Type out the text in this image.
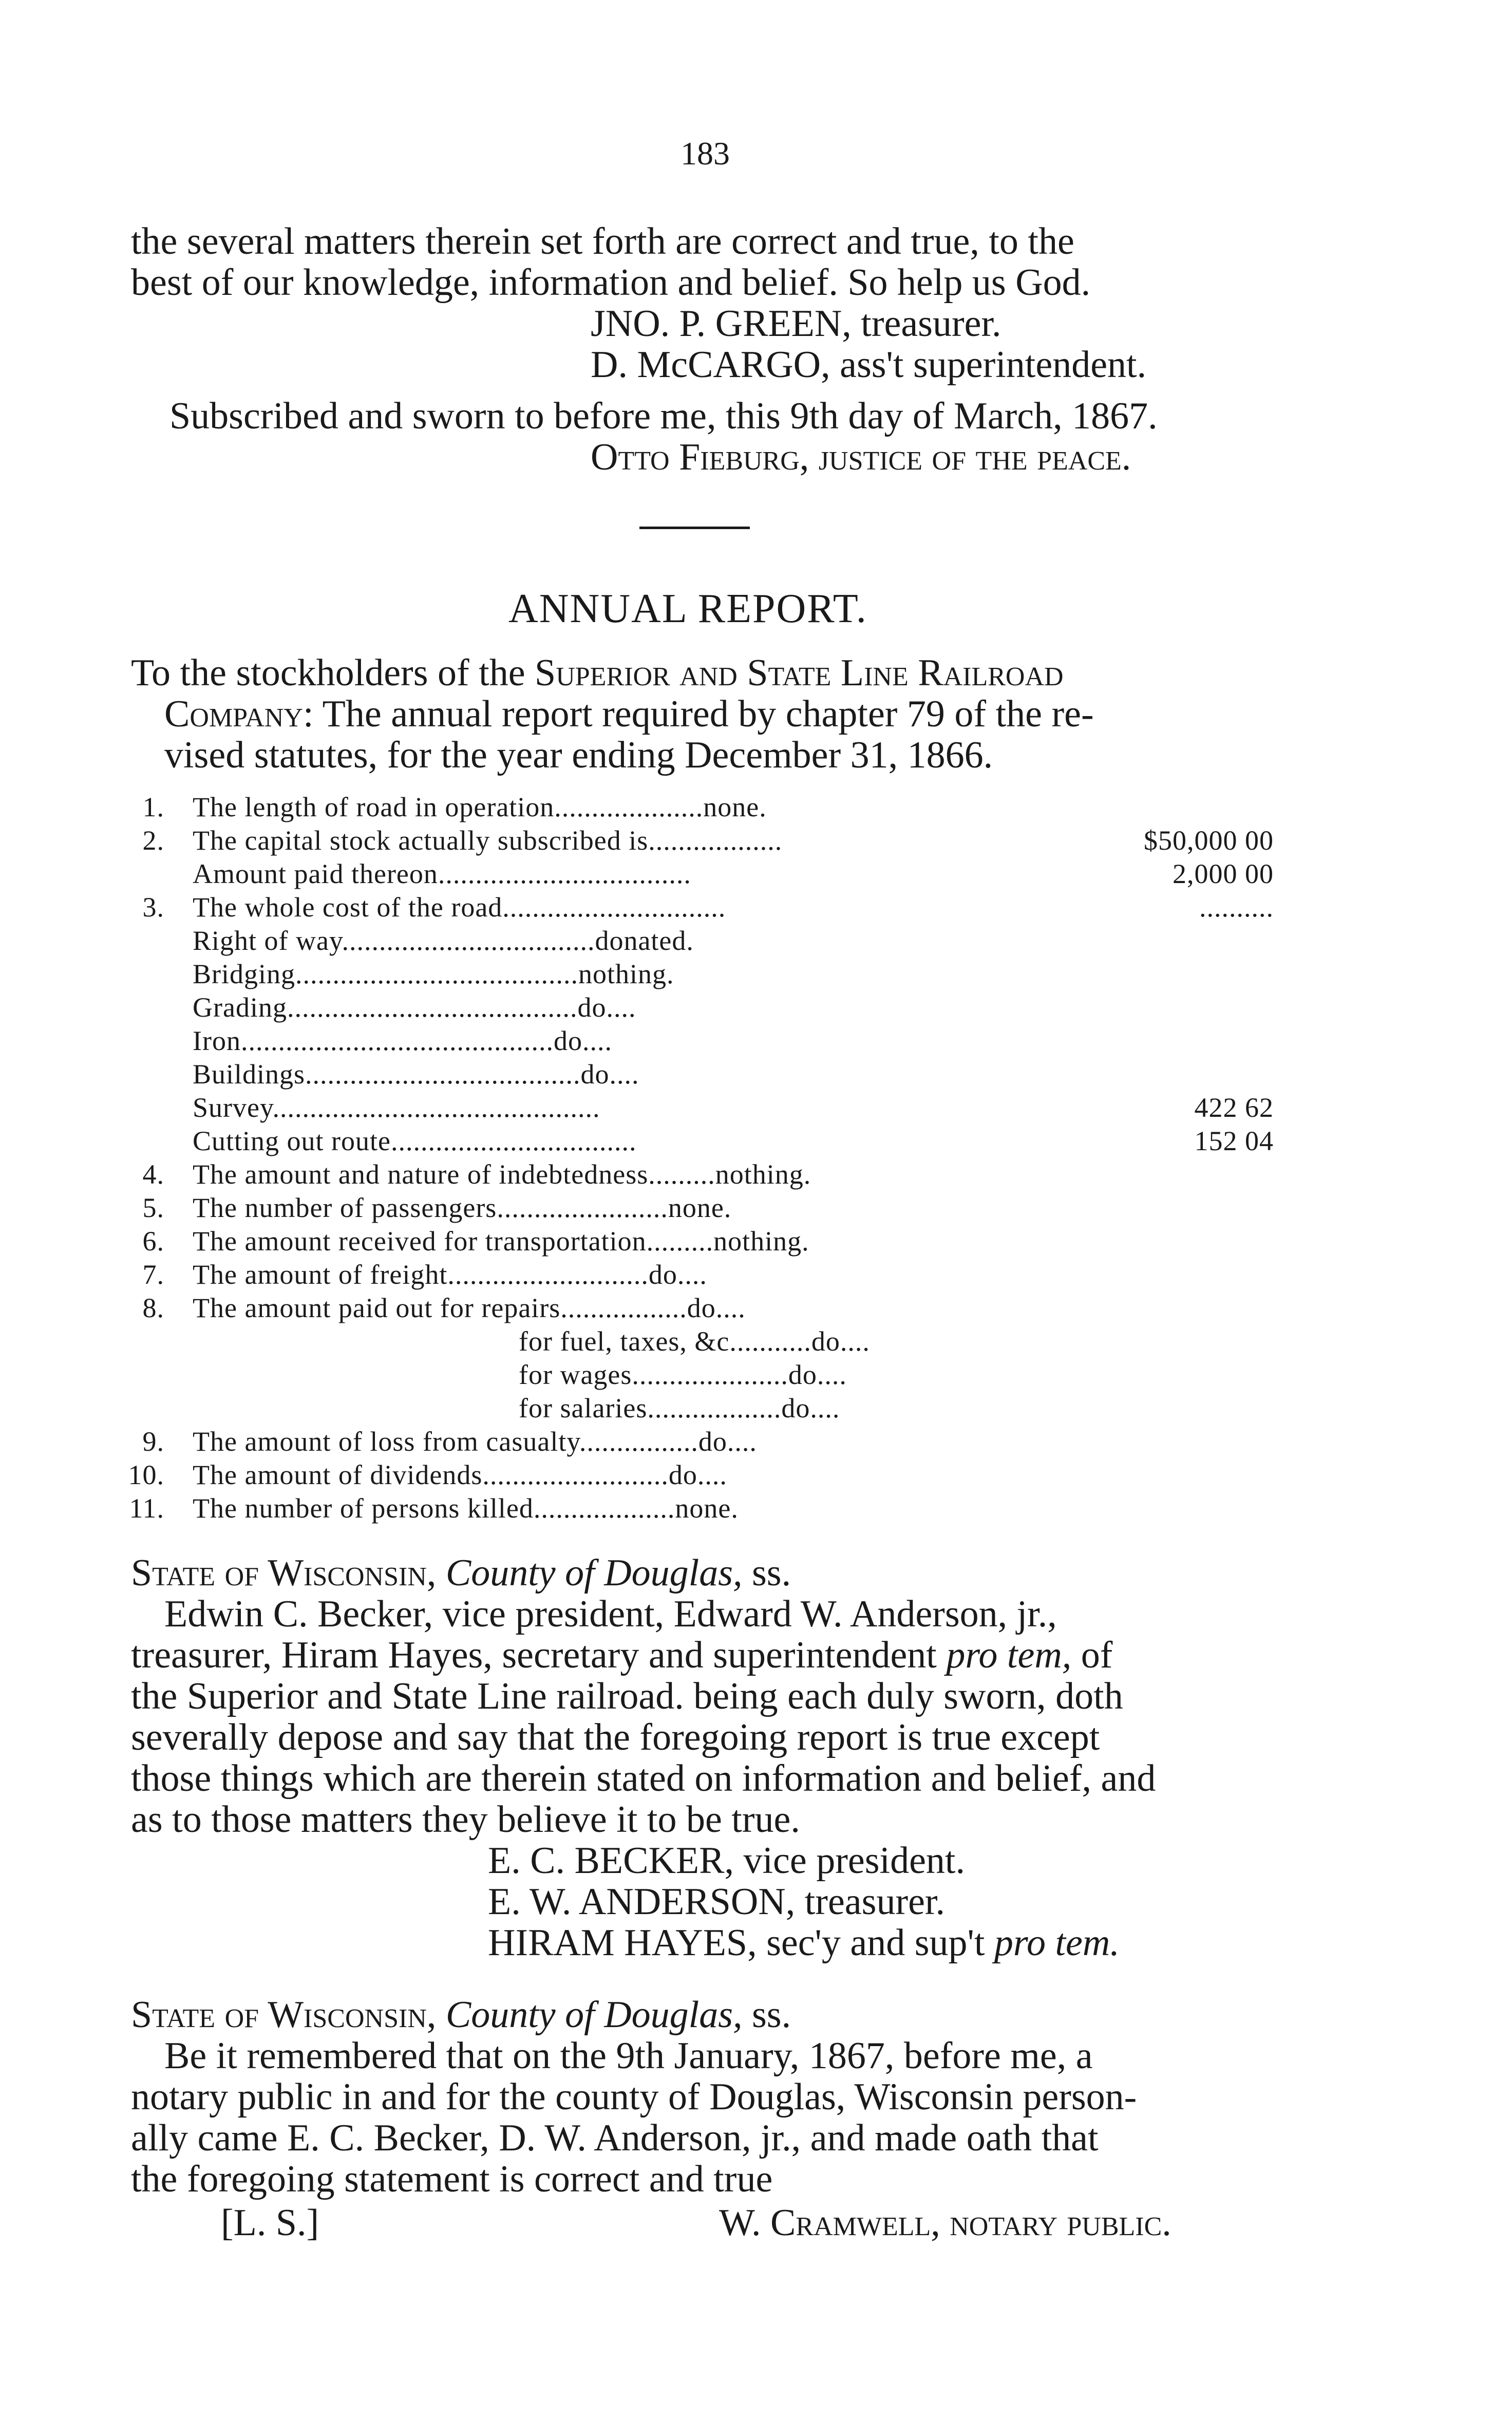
183
the several matters therein set forth are correct and true, to the
best of our knowledge, information and belief. So help us God.
JNO. P. GREEN, treasurer.
D. McCARGO, ass't superintendent.
Subscribed and sworn to before me, this 9th day of March, 1867.
Otto Fieburg, justice of the peace.
ANNUAL REPORT.
To the stockholders of the Superior and State Line Railroad
Company: The annual report required by chapter 79 of the re-
vised statutes, for the year ending December 31, 1866.
1. The length of road in operation....................none.
2. The capital stock actually subscribed is..................	$50,000 00
Amount paid thereon..................................	2,000 00
3. The whole cost of the road..............................	..........
Right of way..................................donated.
Bridging......................................nothing.
Grading.......................................do....
Iron..........................................do....
Buildings.....................................do....
Survey............................................	422 62
Cutting out route.................................	152 04
4. The amount and nature of indebtedness.........nothing.
5. The number of passengers.......................none.
6. The amount received for transportation.........nothing.
7. The amount of freight...........................do....
8. The amount paid out for repairs.................do....
for fuel, taxes, &c...........do....
for wages.....................do....
for salaries..................do....
9. The amount of loss from casualty................do....
10. The amount of dividends.........................do....
11. The number of persons killed...................none.
State of Wisconsin, County of Douglas, ss.
Edwin C. Becker, vice president, Edward W. Anderson, jr.,
treasurer, Hiram Hayes, secretary and superintendent pro tem, of
the Superior and State Line railroad. being each duly sworn, doth
severally depose and say that the foregoing report is true except
those things which are therein stated on information and belief, and
as to those matters they believe it to be true.
E. C. BECKER, vice president.
E. W. ANDERSON, treasurer.
HIRAM HAYES, sec'y and sup't pro tem.
State of Wisconsin, County of Douglas, ss.
Be it remembered that on the 9th January, 1867, before me, a
notary public in and for the county of Douglas, Wisconsin person-
ally came E. C. Becker, D. W. Anderson, jr., and made oath that
the foregoing statement is correct and true
[L. S.]	W. Cramwell, notary public.
